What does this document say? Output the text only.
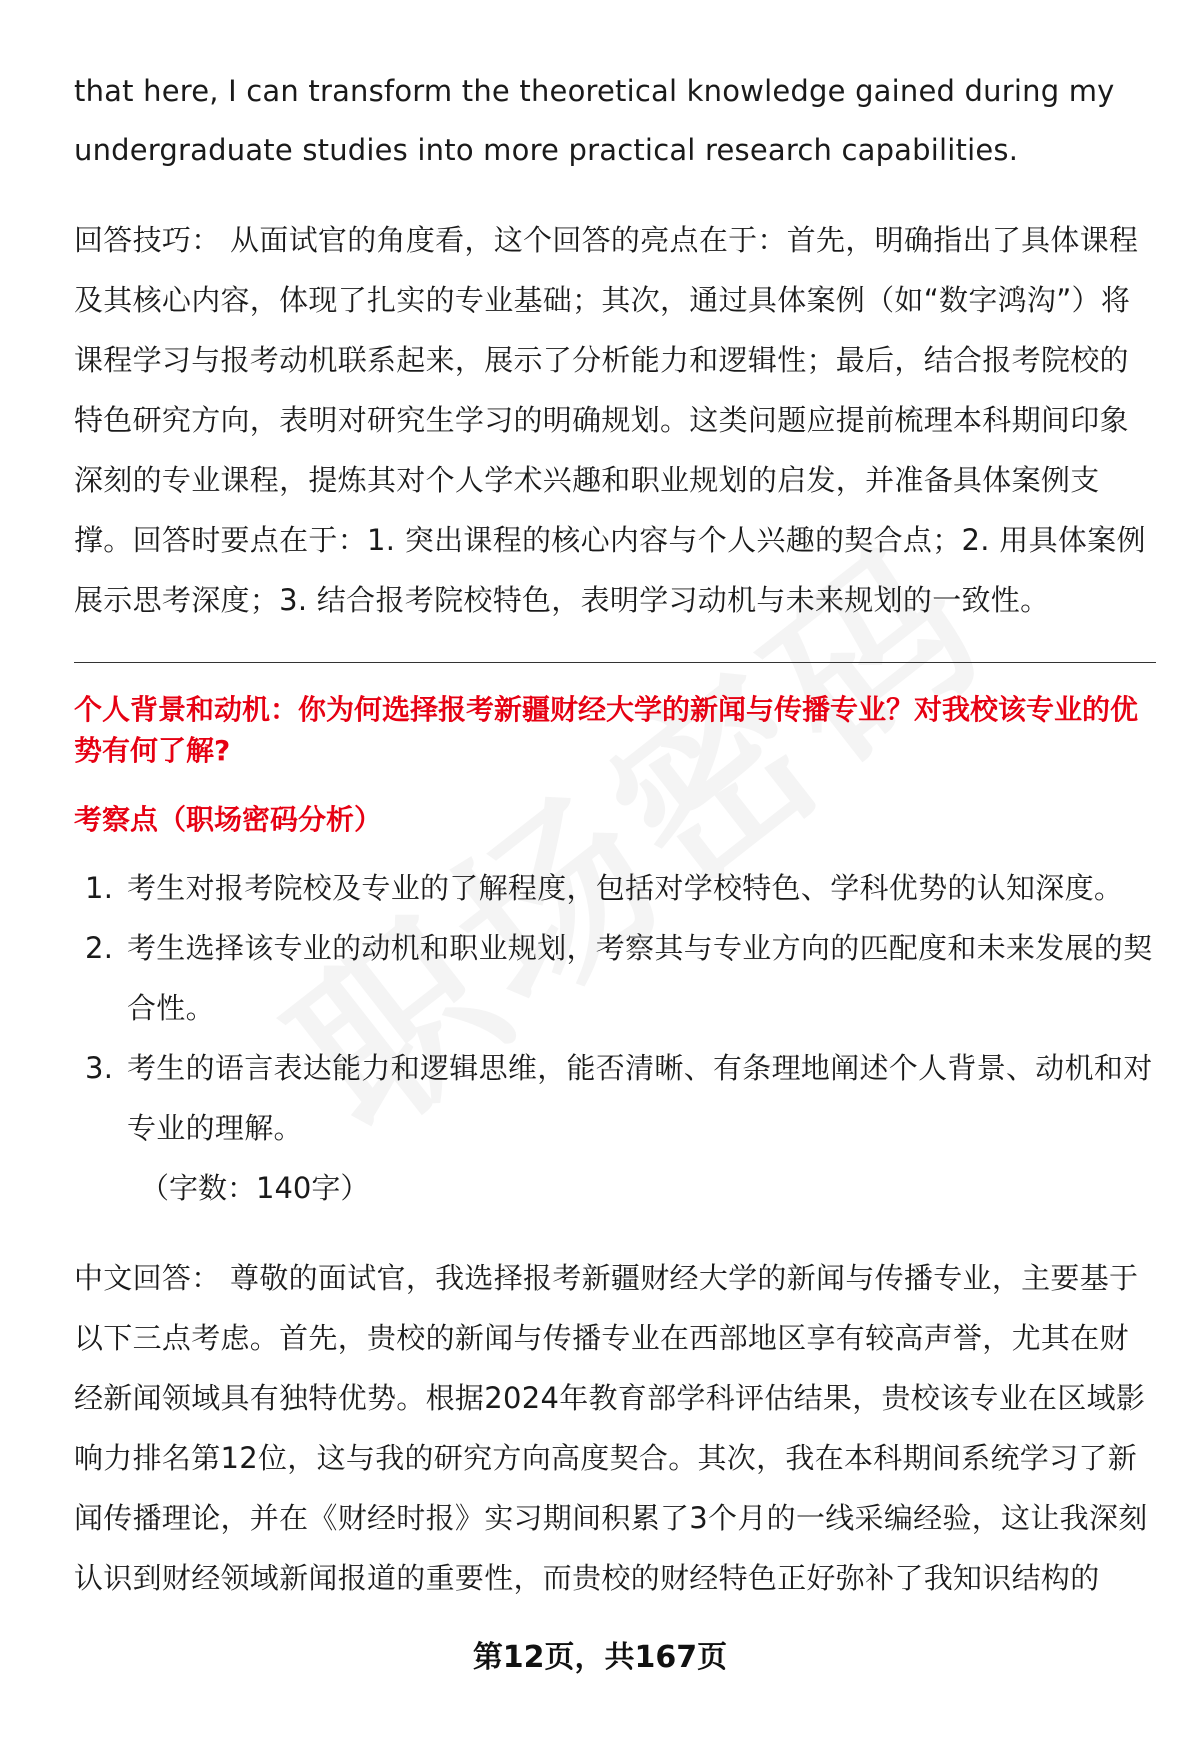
that here, I can transform the theoretical knowledge gained during my undergraduate studies into more practical research capabilities.

回答技巧： 从面试官的角度看，这个回答的亮点在于：首先，明确指出了具体课程及其核心内容，体现了扎实的专业基础；其次，通过具体案例（如“数字鸿沟”）将课程学习与报考动机联系起来，展示了分析能力和逻辑性；最后，结合报考院校的特色研究方向，表明对研究生学习的明确规划。这类问题应提前梳理本科期间印象深刻的专业课程，提炼其对个人学术兴趣和职业规划的启发，并准备具体案例支撑。回答时要点在于：1. 突出课程的核心内容与个人兴趣的契合点；2. 用具体案例展示思考深度；3. 结合报考院校特色，表明学习动机与未来规划的一致性。

个人背景和动机：你为何选择报考新疆财经大学的新闻与传播专业？对我校该专业的优势有何了解?

考察点（职场密码分析）

1. 考生对报考院校及专业的了解程度，包括对学校特色、学科优势的认知深度。
2. 考生选择该专业的动机和职业规划，考察其与专业方向的匹配度和未来发展的契合性。
3. 考生的语言表达能力和逻辑思维，能否清晰、有条理地阐述个人背景、动机和对专业的理解。

（字数：140字）

中文回答： 尊敬的面试官，我选择报考新疆财经大学的新闻与传播专业，主要基于以下三点考虑。首先，贵校的新闻与传播专业在西部地区享有较高声誉，尤其在财经新闻领域具有独特优势。根据2024年教育部学科评估结果，贵校该专业在区域影响力排名第12位，这与我的研究方向高度契合。其次，我在本科期间系统学习了新闻传播理论，并在《财经时报》实习期间积累了3个月的一线采编经验，这让我深刻认识到财经领域新闻报道的重要性，而贵校的财经特色正好弥补了我知识结构的

第12页，共167页
